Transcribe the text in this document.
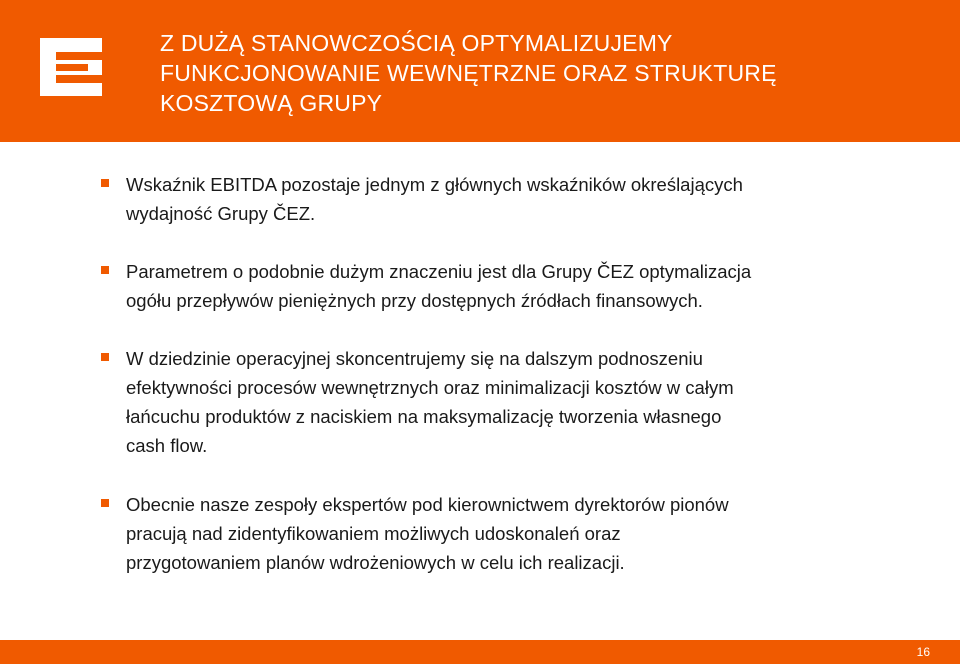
Z DUŻĄ STANOWCZOŚCIĄ OPTYMALIZUJEMY
FUNKCJONOWANIE WEWNĘTRZNE ORAZ STRUKTURĘ
KOSZTOWĄ GRUPY
Wskaźnik EBITDA pozostaje jednym z głównych wskaźników określających
wydajność Grupy ČEZ.
Parametrem o podobnie dużym znaczeniu jest dla Grupy ČEZ optymalizacja
ogółu przepływów pieniężnych przy dostępnych źródłach finansowych.
W dziedzinie operacyjnej skoncentrujemy się na dalszym podnoszeniu
efektywności procesów wewnętrznych oraz minimalizacji kosztów w całym
łańcuchu produktów z naciskiem na maksymalizację tworzenia własnego
cash flow.
Obecnie nasze zespoły ekspertów pod kierownictwem dyrektorów pionów
pracują nad zidentyfikowaniem możliwych udoskonaleń oraz
przygotowaniem planów wdrożeniowych w celu ich realizacji.
16
